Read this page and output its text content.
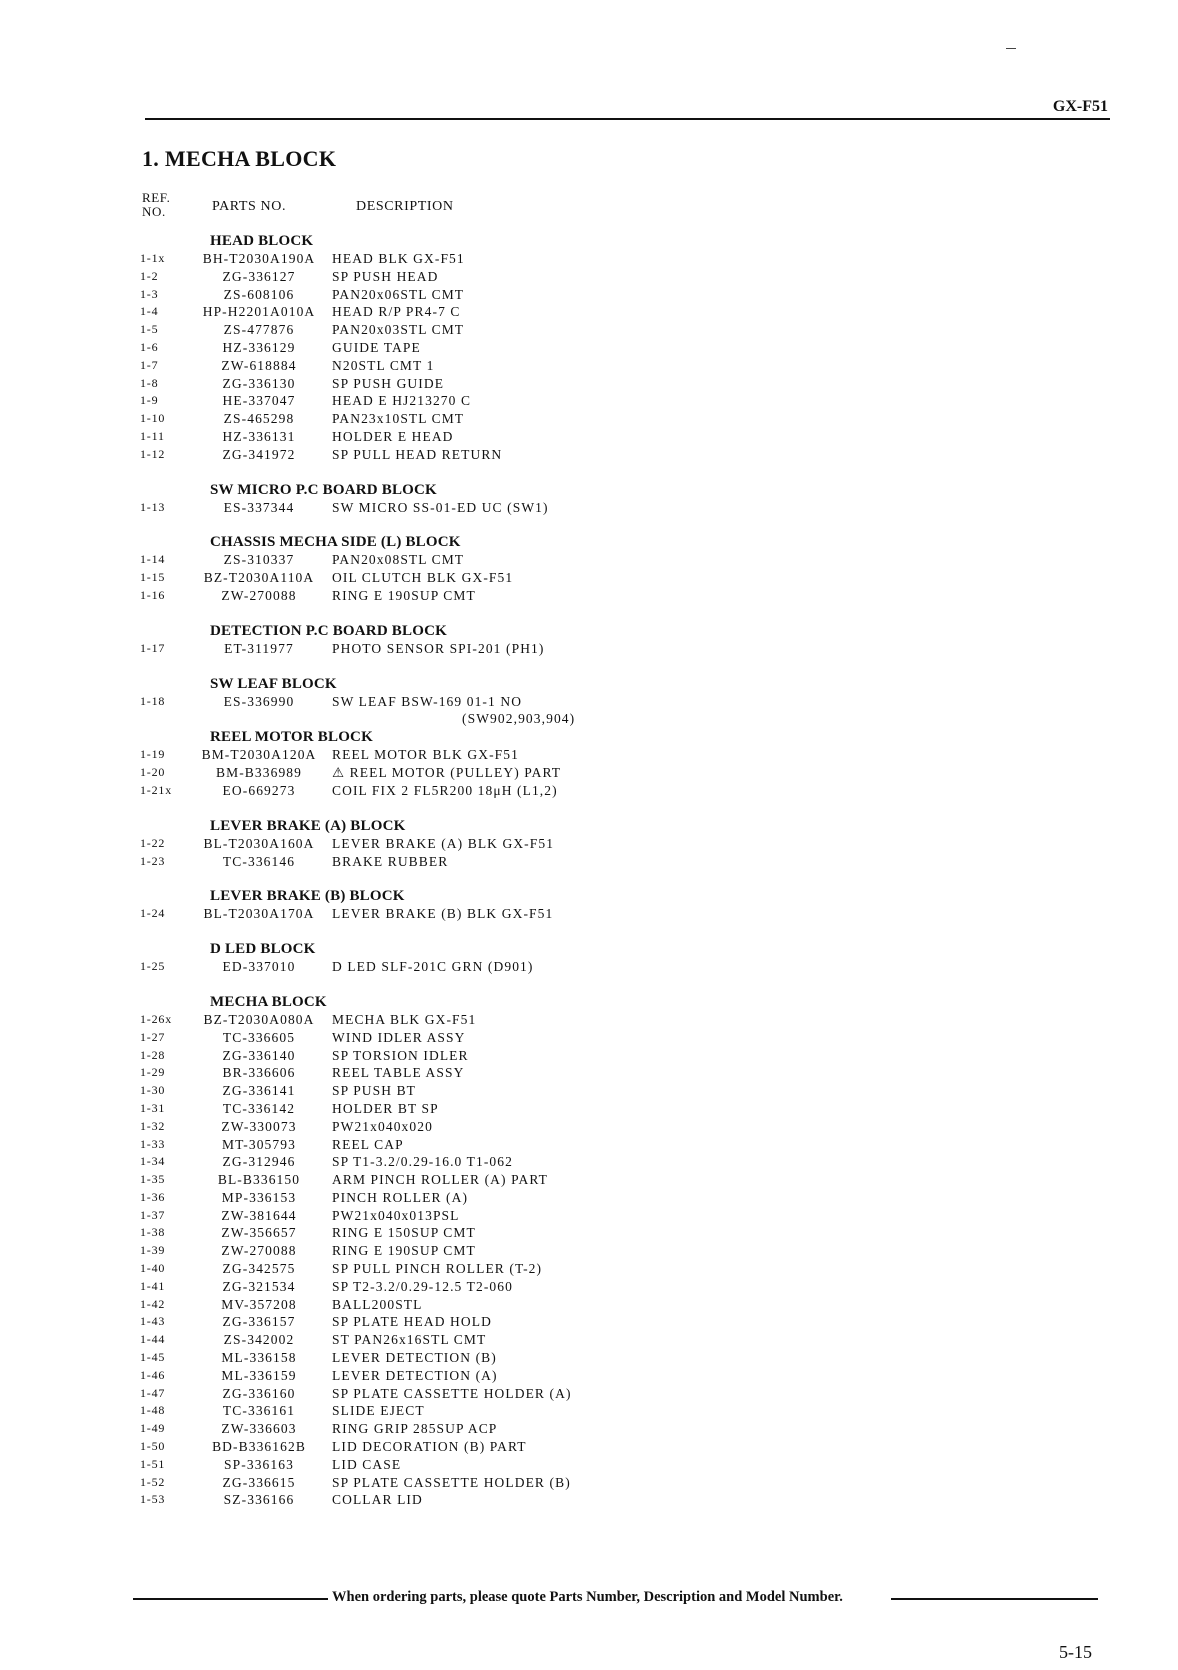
GX-F51
1. MECHA BLOCK
REF. NO.	PARTS NO.	DESCRIPTION
HEAD BLOCK
1-1x	BH-T2030A190A	HEAD BLK GX-F51
1-2	ZG-336127	SP PUSH HEAD
1-3	ZS-608106	PAN20x06STL CMT
1-4	HP-H2201A010A	HEAD R/P PR4-7 C
1-5	ZS-477876	PAN20x03STL CMT
1-6	HZ-336129	GUIDE TAPE
1-7	ZW-618884	N20STL CMT 1
1-8	ZG-336130	SP PUSH GUIDE
1-9	HE-337047	HEAD E HJ213270 C
1-10	ZS-465298	PAN23x10STL CMT
1-11	HZ-336131	HOLDER E HEAD
1-12	ZG-341972	SP PULL HEAD RETURN
SW MICRO P.C BOARD BLOCK
1-13	ES-337344	SW MICRO SS-01-ED UC (SW1)
CHASSIS MECHA SIDE (L) BLOCK
1-14	ZS-310337	PAN20x08STL CMT
1-15	BZ-T2030A110A	OIL CLUTCH BLK GX-F51
1-16	ZW-270088	RING E 190SUP CMT
DETECTION P.C BOARD BLOCK
1-17	ET-311977	PHOTO SENSOR SPI-201 (PH1)
SW LEAF BLOCK
1-18	ES-336990	SW LEAF BSW-169 01-1 NO
(SW902,903,904)
REEL MOTOR BLOCK
1-19	BM-T2030A120A	REEL MOTOR BLK GX-F51
1-20	BM-B336989	⚠ REEL MOTOR (PULLEY) PART
1-21x	EO-669273	COIL FIX 2 FL5R200 18μH (L1,2)
LEVER BRAKE (A) BLOCK
1-22	BL-T2030A160A	LEVER BRAKE (A) BLK GX-F51
1-23	TC-336146	BRAKE RUBBER
LEVER BRAKE (B) BLOCK
1-24	BL-T2030A170A	LEVER BRAKE (B) BLK GX-F51
D LED BLOCK
1-25	ED-337010	D LED SLF-201C GRN (D901)
MECHA BLOCK
1-26x	BZ-T2030A080A	MECHA BLK GX-F51
1-27	TC-336605	WIND IDLER ASSY
1-28	ZG-336140	SP TORSION IDLER
1-29	BR-336606	REEL TABLE ASSY
1-30	ZG-336141	SP PUSH BT
1-31	TC-336142	HOLDER BT SP
1-32	ZW-330073	PW21x040x020
1-33	MT-305793	REEL CAP
1-34	ZG-312946	SP T1-3.2/0.29-16.0 T1-062
1-35	BL-B336150	ARM PINCH ROLLER (A) PART
1-36	MP-336153	PINCH ROLLER (A)
1-37	ZW-381644	PW21x040x013PSL
1-38	ZW-356657	RING E 150SUP CMT
1-39	ZW-270088	RING E 190SUP CMT
1-40	ZG-342575	SP PULL PINCH ROLLER (T-2)
1-41	ZG-321534	SP T2-3.2/0.29-12.5 T2-060
1-42	MV-357208	BALL200STL
1-43	ZG-336157	SP PLATE HEAD HOLD
1-44	ZS-342002	ST PAN26x16STL CMT
1-45	ML-336158	LEVER DETECTION (B)
1-46	ML-336159	LEVER DETECTION (A)
1-47	ZG-336160	SP PLATE CASSETTE HOLDER (A)
1-48	TC-336161	SLIDE EJECT
1-49	ZW-336603	RING GRIP 285SUP ACP
1-50	BD-B336162B	LID DECORATION (B) PART
1-51	SP-336163	LID CASE
1-52	ZG-336615	SP PLATE CASSETTE HOLDER (B)
1-53	SZ-336166	COLLAR LID
When ordering parts, please quote Parts Number, Description and Model Number.
5-15
